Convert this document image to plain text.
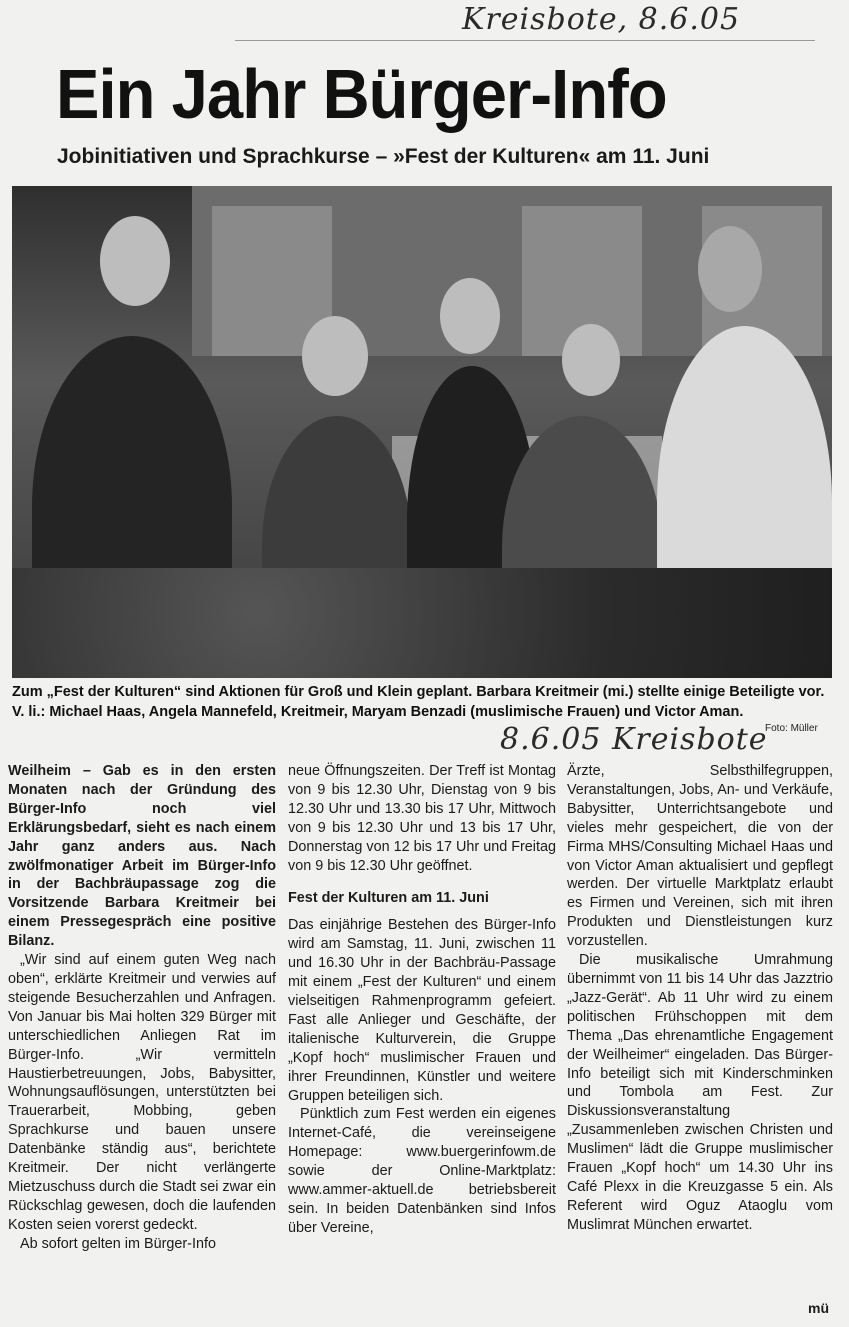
Kreisbote, 8.6.05
Ein Jahr Bürger-Info
Jobinitiativen und Sprachkurse – »Fest der Kulturen« am 11. Juni

Zum „Fest der Kulturen“ sind Aktionen für Groß und Klein geplant. Barbara Kreitmeir (mi.) stellte einige Beteiligte vor. V. li.: Michael Haas, Angela Mannefeld, Kreitmeir, Maryam Benzadi (muslimische Frauen) und Victor Aman.

8.6.05 Kreisbote
Foto: Müller

Weilheim – Gab es in den ersten Monaten nach der Gründung des Bürger-Info noch viel Erklärungsbedarf, sieht es nach einem Jahr ganz anders aus. Nach zwölfmonatiger Arbeit im Bürger-Info in der Bachbräupassage zog die Vorsitzende Barbara Kreitmeir bei einem Pressegespräch eine positive Bilanz.

„Wir sind auf einem guten Weg nach oben“, erklärte Kreitmeir und verwies auf steigende Besucherzahlen und Anfragen. Von Januar bis Mai holten 329 Bürger mit unterschiedlichen Anliegen Rat im Bürger-Info. „Wir vermitteln Haustierbetreuungen, Jobs, Babysitter, Wohnungsauflösungen, unterstützten bei Trauerarbeit, Mobbing, geben Sprachkurse und bauen unsere Datenbänke ständig aus“, berichtete Kreitmeir. Der nicht verlängerte Mietzuschuss durch die Stadt sei zwar ein Rückschlag gewesen, doch die laufenden Kosten seien vorerst gedeckt.

Ab sofort gelten im Bürger-Info

neue Öffnungszeiten. Der Treff ist Montag von 9 bis 12.30 Uhr, Dienstag von 9 bis 12.30 Uhr und 13.30 bis 17 Uhr, Mittwoch von 9 bis 12.30 Uhr und 13 bis 17 Uhr, Donnerstag von 12 bis 17 Uhr und Freitag von 9 bis 12.30 Uhr geöffnet.

Fest der Kulturen am 11. Juni

Das einjährige Bestehen des Bürger-Info wird am Samstag, 11. Juni, zwischen 11 und 16.30 Uhr in der Bachbräu-Passage mit einem „Fest der Kulturen“ und einem vielseitigen Rahmenprogramm gefeiert. Fast alle Anlieger und Geschäfte, der italienische Kulturverein, die Gruppe „Kopf hoch“ muslimischer Frauen und ihrer Freundinnen, Künstler und weitere Gruppen beteiligen sich.

Pünktlich zum Fest werden ein eigenes Internet-Café, die vereinseigene Homepage: www.buergerinfowm.de sowie der Online-Marktplatz: www.ammer-aktuell.de betriebsbereit sein. In beiden Datenbänken sind Infos über Vereine,

Ärzte, Selbsthilfegruppen, Veranstaltungen, Jobs, An- und Verkäufe, Babysitter, Unterrichtsangebote und vieles mehr gespeichert, die von der Firma MHS/Consulting Michael Haas und von Victor Aman aktualisiert und gepflegt werden. Der virtuelle Marktplatz erlaubt es Firmen und Vereinen, sich mit ihren Produkten und Dienstleistungen kurz vorzustellen.

Die musikalische Umrahmung übernimmt von 11 bis 14 Uhr das Jazztrio „Jazz-Gerät“. Ab 11 Uhr wird zu einem politischen Frühschoppen mit dem Thema „Das ehrenamtliche Engagement der Weilheimer“ eingeladen. Das Bürger-Info beteiligt sich mit Kinderschminken und Tombola am Fest. Zur Diskussionsveranstaltung „Zusammenleben zwischen Christen und Muslimen“ lädt die Gruppe muslimischer Frauen „Kopf hoch“ um 14.30 Uhr ins Café Plexx in die Kreuzgasse 5 ein. Als Referent wird Oguz Ataoglu vom Muslimrat München erwartet.

mü
